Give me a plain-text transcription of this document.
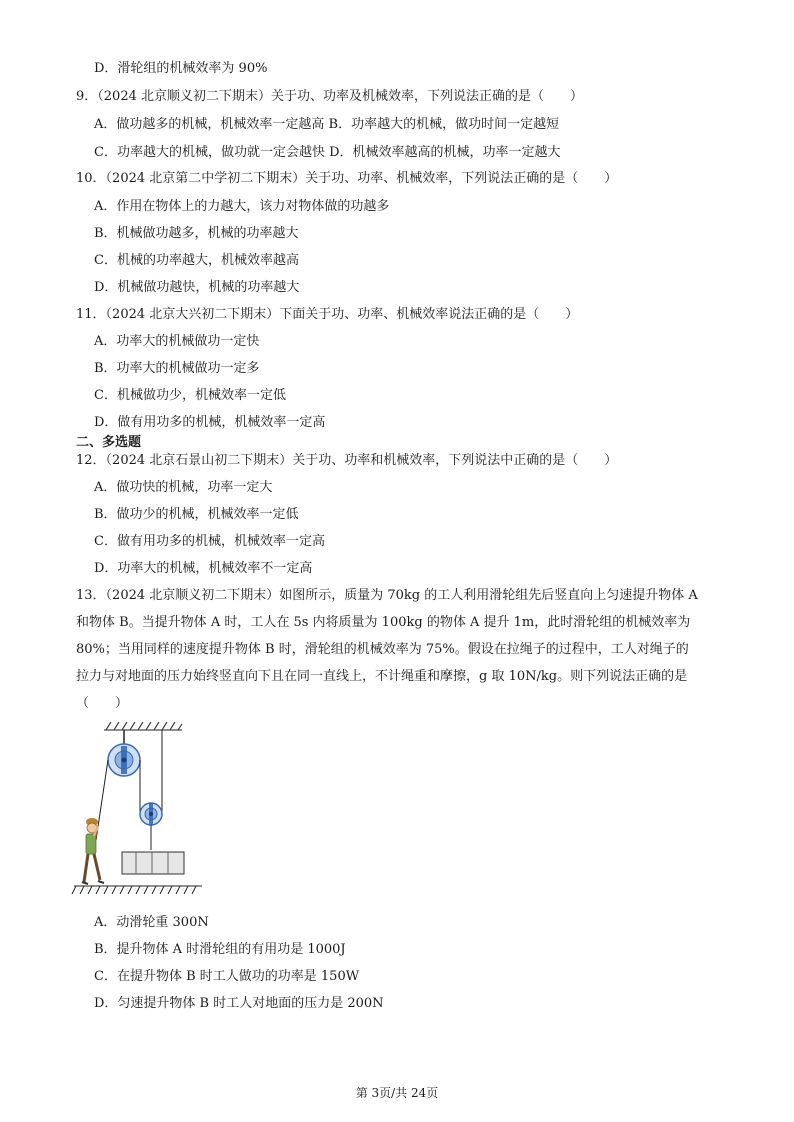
D．滑轮组的机械效率为 90%
9．（2024 北京顺义初二下期末）关于功、功率及机械效率，下列说法正确的是（　　）
A．做功越多的机械，机械效率一定越高 B．功率越大的机械，做功时间一定越短
C．功率越大的机械，做功就一定会越快 D．机械效率越高的机械，功率一定越大
10．（2024 北京第二中学初二下期末）关于功、功率、机械效率，下列说法正确的是（　　）
A．作用在物体上的力越大，该力对物体做的功越多
B．机械做功越多，机械的功率越大
C．机械的功率越大，机械效率越高
D．机械做功越快，机械的功率越大
11．（2024 北京大兴初二下期末）下面关于功、功率、机械效率说法正确的是（　　）
A．功率大的机械做功一定快
B．功率大的机械做功一定多
C．机械做功少，机械效率一定低
D．做有用功多的机械，机械效率一定高
二、多选题
12．（2024 北京石景山初二下期末）关于功、功率和机械效率，下列说法中正确的是（　　）
A．做功快的机械，功率一定大
B．做功少的机械，机械效率一定低
C．做有用功多的机械，机械效率一定高
D．功率大的机械，机械效率不一定高
13．（2024 北京顺义初二下期末）如图所示，质量为 70kg 的工人利用滑轮组先后竖直向上匀速提升物体 A
和物体 B。当提升物体 A 时，工人在 5s 内将质量为 100kg 的物体 A 提升 1m，此时滑轮组的机械效率为
80%；当用同样的速度提升物体 B 时，滑轮组的机械效率为 75%。假设在拉绳子的过程中，工人对绳子的
拉力与对地面的压力始终竖直向下且在同一直线上，不计绳重和摩擦，g 取 10N/kg。则下列说法正确的是
（　　）
A．动滑轮重 300N
B．提升物体 A 时滑轮组的有用功是 1000J
C．在提升物体 B 时工人做功的功率是 150W
D．匀速提升物体 B 时工人对地面的压力是 200N
第 3页/共 24页
